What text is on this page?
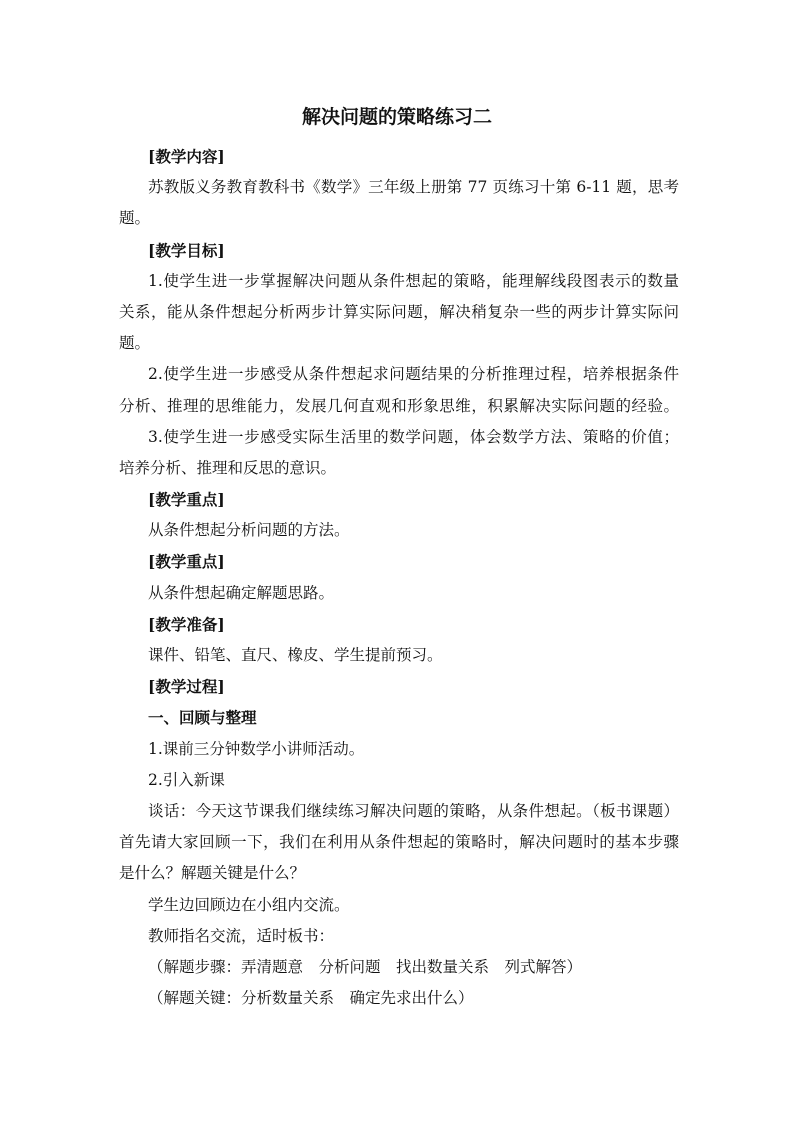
解决问题的策略练习二

[教学内容]

苏教版义务教育教科书《数学》三年级上册第 77 页练习十第 6-11 题，思考

题。

[教学目标]

1.使学生进一步掌握解决问题从条件想起的策略，能理解线段图表示的数量

关系，能从条件想起分析两步计算实际问题，解决稍复杂一些的两步计算实际问

题。

2.使学生进一步感受从条件想起求问题结果的分析推理过程，培养根据条件

分析、推理的思维能力，发展几何直观和形象思维，积累解决实际问题的经验。

3.使学生进一步感受实际生活里的数学问题，体会数学方法、策略的价值；

培养分析、推理和反思的意识。

[教学重点]

从条件想起分析问题的方法。

[教学重点]

从条件想起确定解题思路。

[教学准备]

课件、铅笔、直尺、橡皮、学生提前预习。

[教学过程]

一、回顾与整理

1.课前三分钟数学小讲师活动。

2.引入新课

谈话：今天这节课我们继续练习解决问题的策略，从条件想起。（板书课题）

首先请大家回顾一下，我们在利用从条件想起的策略时，解决问题时的基本步骤

是什么？解题关键是什么？

学生边回顾边在小组内交流。

教师指名交流，适时板书：

（解题步骤：弄清题意　分析问题　找出数量关系　列式解答）

（解题关键：分析数量关系　确定先求出什么）
